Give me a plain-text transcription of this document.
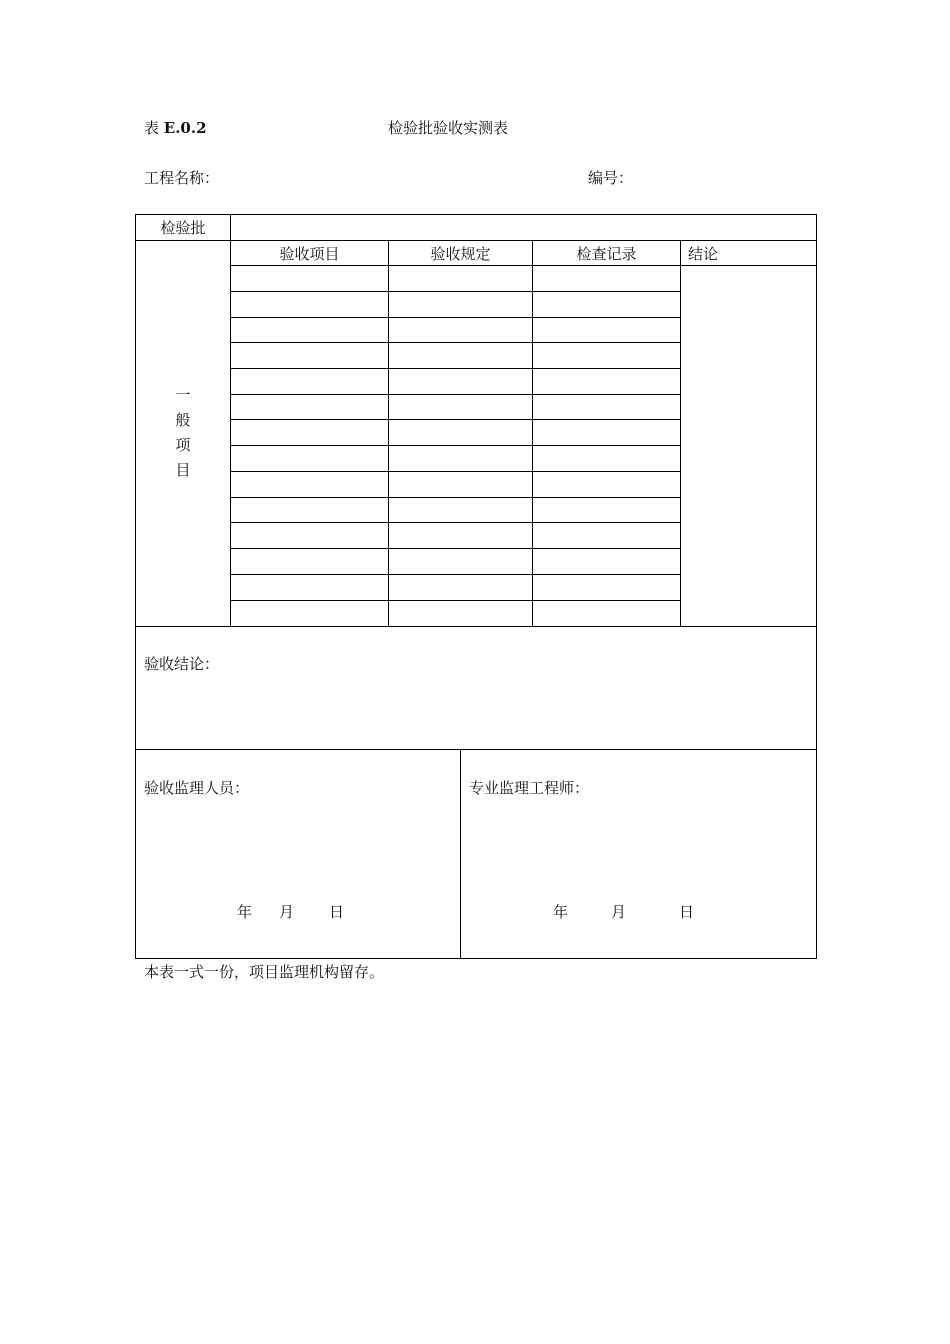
表 E.0.2	检验批验收实测表
工程名称：	编号：
检验批
验收项目	验收规定	检查记录	结论
一
般
项
目
验收结论：
验收监理人员：
年 月 日
专业监理工程师：
年	月	日
本表一式一份，项目监理机构留存。
